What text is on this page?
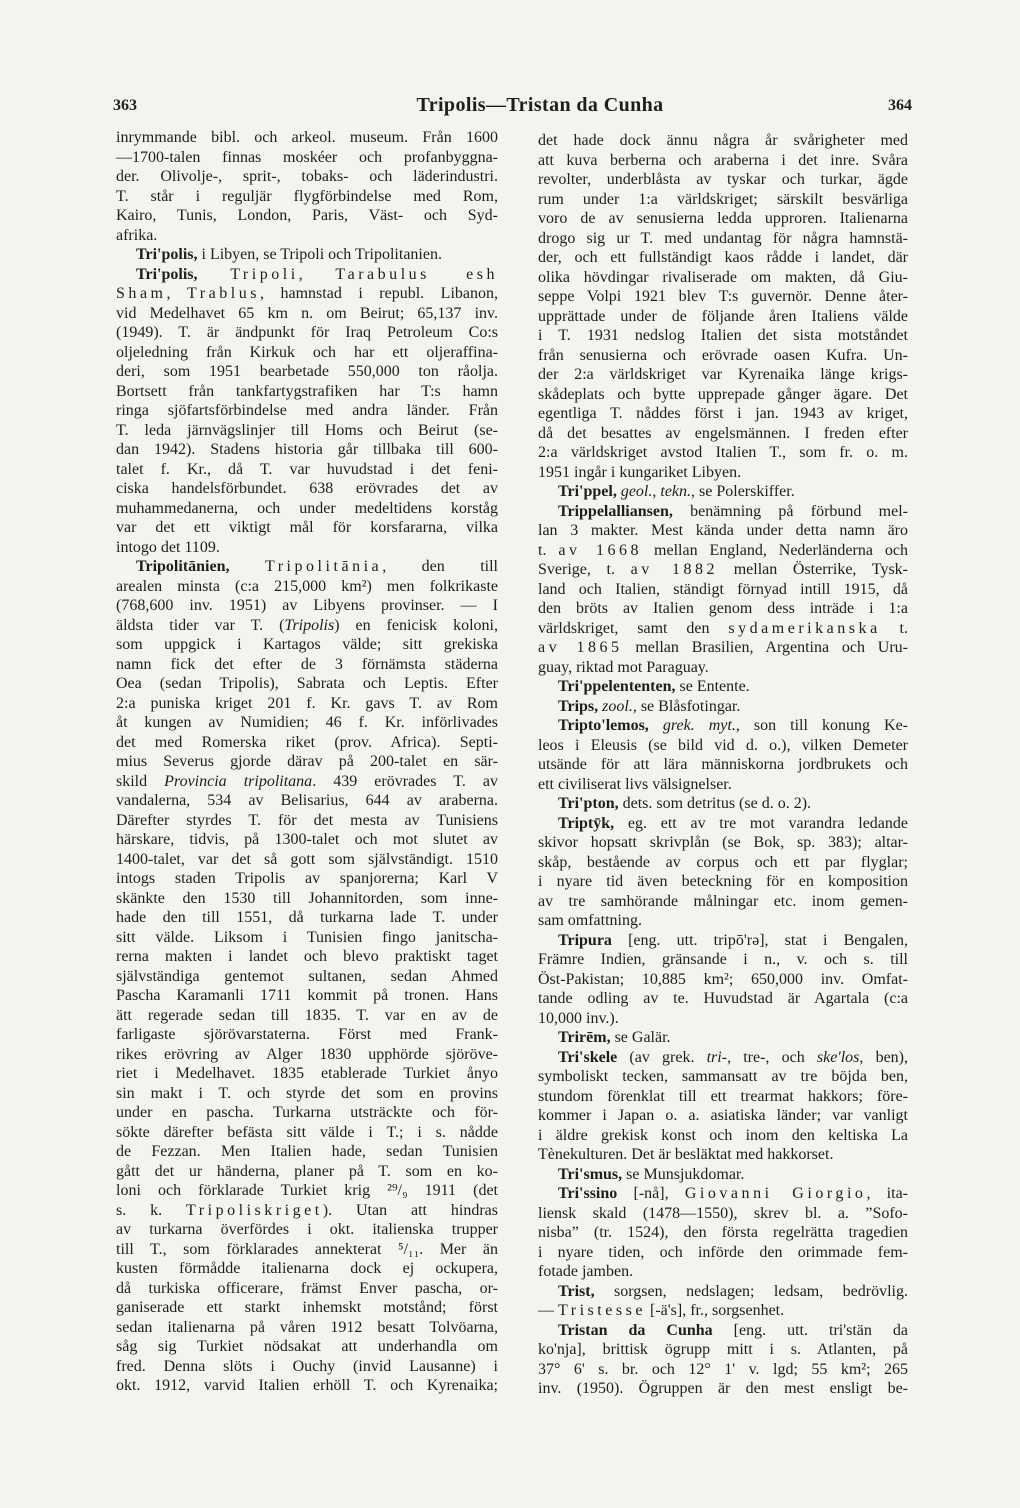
363	Tripolis—Tristan da Cunha	364
inrymmande bibl. och arkeol. museum. Från 1600
—1700-talen finnas moskéer och profanbyggna-
der. Olivolje-, sprit-, tobaks- och läderindustri.
T. står i reguljär flygförbindelse med Rom,
Kairo, Tunis, London, Paris, Väst- och Syd-
afrika.
Tri'polis, i Libyen, se Tripoli och Tripolitanien.
Tri'polis, Tripoli, Tarabulus esh
Sham, Trablus, hamnstad i republ. Libanon,
vid Medelhavet 65 km n. om Beirut; 65,137 inv.
(1949). T. är ändpunkt för Iraq Petroleum Co:s
oljeledning från Kirkuk och har ett oljeraffina-
deri, som 1951 bearbetade 550,000 ton råolja.
Bortsett från tankfartygstrafiken har T:s hamn
ringa sjöfartsförbindelse med andra länder. Från
T. leda järnvägslinjer till Homs och Beirut (se-
dan 1942). Stadens historia går tillbaka till 600-
talet f. Kr., då T. var huvudstad i det feni-
ciska handelsförbundet. 638 erövrades det av
muhammedanerna, och under medeltidens korståg
var det ett viktigt mål för korsfararna, vilka
intogo det 1109.
Tripolitānien, Tripolitānia, den till
arealen minsta (c:a 215,000 km²) men folkrikaste
(768,600 inv. 1951) av Libyens provinser. — I
äldsta tider var T. (Tripolis) en fenicisk koloni,
som uppgick i Kartagos välde; sitt grekiska
namn fick det efter de 3 förnämsta städerna
Oea (sedan Tripolis), Sabrata och Leptis. Efter
2:a puniska kriget 201 f. Kr. gavs T. av Rom
åt kungen av Numidien; 46 f. Kr. införlivades
det med Romerska riket (prov. Africa). Septi-
mius Severus gjorde därav på 200-talet en sär-
skild Provincia tripolitana. 439 erövrades T. av
vandalerna, 534 av Belisarius, 644 av araberna.
Därefter styrdes T. för det mesta av Tunisiens
härskare, tidvis, på 1300-talet och mot slutet av
1400-talet, var det så gott som självständigt. 1510
intogs staden Tripolis av spanjorerna; Karl V
skänkte den 1530 till Johannitorden, som inne-
hade den till 1551, då turkarna lade T. under
sitt välde. Liksom i Tunisien fingo janitscha-
rerna makten i landet och blevo praktiskt taget
självständiga gentemot sultanen, sedan Ahmed
Pascha Karamanli 1711 kommit på tronen. Hans
ätt regerade sedan till 1835. T. var en av de
farligaste sjörövarstaterna. Först med Frank-
rikes erövring av Alger 1830 upphörde sjöröve-
riet i Medelhavet. 1835 etablerade Turkiet ånyo
sin makt i T. och styrde det som en provins
under en pascha. Turkarna utsträckte och för-
sökte därefter befästa sitt välde i T.; i s. nådde
de Fezzan. Men Italien hade, sedan Tunisien
gått det ur händerna, planer på T. som en ko-
loni och förklarade Turkiet krig ²⁹/₉ 1911 (det
s. k. Tripoliskriget). Utan att hindras
av turkarna överfördes i okt. italienska trupper
till T., som förklarades annekterat ⁵/₁₁. Mer än
kusten förmådde italienarna dock ej ockupera,
då turkiska officerare, främst Enver pascha, or-
ganiserade ett starkt inhemskt motstånd; först
sedan italienarna på våren 1912 besatt Tolvöarna,
såg sig Turkiet nödsakat att underhandla om
fred. Denna slöts i Ouchy (invid Lausanne) i
okt. 1912, varvid Italien erhöll T. och Kyrenaika;
det hade dock ännu några år svårigheter med
att kuva berberna och araberna i det inre. Svåra
revolter, underblåsta av tyskar och turkar, ägde
rum under 1:a världskriget; särskilt besvärliga
voro de av senusierna ledda upproren. Italienarna
drogo sig ur T. med undantag för några hamnstä-
der, och ett fullständigt kaos rådde i landet, där
olika hövdingar rivaliserade om makten, då Giu-
seppe Volpi 1921 blev T:s guvernör. Denne åter-
upprättade under de följande åren Italiens välde
i T. 1931 nedslog Italien det sista motståndet
från senusierna och erövrade oasen Kufra. Un-
der 2:a världskriget var Kyrenaika länge krigs-
skådeplats och bytte upprepade gånger ägare. Det
egentliga T. nåddes först i jan. 1943 av kriget,
då det besattes av engelsmännen. I freden efter
2:a världskriget avstod Italien T., som fr. o. m.
1951 ingår i kungariket Libyen.
Tri'ppel, geol., tekn., se Polerskiffer.
Trippelalliansen, benämning på förbund mel-
lan 3 makter. Mest kända under detta namn äro
t. av 1668 mellan England, Nederländerna och
Sverige, t. av 1882 mellan Österrike, Tysk-
land och Italien, ständigt förnyad intill 1915, då
den bröts av Italien genom dess inträde i 1:a
världskriget, samt den sydamerikanska t.
av 1865 mellan Brasilien, Argentina och Uru-
guay, riktad mot Paraguay.
Tri'ppelententen, se Entente.
Trips, zool., se Blåsfotingar.
Tripto'lemos, grek. myt., son till konung Ke-
leos i Eleusis (se bild vid d. o.), vilken Demeter
utsände för att lära människorna jordbrukets och
ett civiliserat livs välsignelser.
Tri'pton, dets. som detritus (se d. o. 2).
Triptȳk, eg. ett av tre mot varandra ledande
skivor hopsatt skrivplån (se Bok, sp. 383); altar-
skåp, bestående av corpus och ett par flyglar;
i nyare tid även beteckning för en komposition
av tre samhörande målningar etc. inom gemen-
sam omfattning.
Tripura [eng. utt. tripō'rə], stat i Bengalen,
Främre Indien, gränsande i n., v. och s. till
Öst-Pakistan; 10,885 km²; 650,000 inv. Omfat-
tande odling av te. Huvudstad är Agartala (c:a
10,000 inv.).
Trirēm, se Galär.
Tri'skele (av grek. tri-, tre-, och ske'los, ben),
symboliskt tecken, sammansatt av tre böjda ben,
stundom förenklat till ett trearmat hakkors; före-
kommer i Japan o. a. asiatiska länder; var vanligt
i äldre grekisk konst och inom den keltiska La
Tènekulturen. Det är besläktat med hakkorset.
Tri'smus, se Munsjukdomar.
Tri'ssino [-nå], Giovanni Giorgio, ita-
liensk skald (1478—1550), skrev bl. a. ”Sofo-
nisba” (tr. 1524), den första regelrätta tragedien
i nyare tiden, och införde den orimmade fem-
fotade jamben.
Trist, sorgsen, nedslagen; ledsam, bedrövlig.
— Tristesse [-ä's], fr., sorgsenhet.
Tristan da Cunha [eng. utt. tri'stän da
ko'nja], brittisk ögrupp mitt i s. Atlanten, på
37° 6' s. br. och 12° 1' v. lgd; 55 km²; 265
inv. (1950). Ögruppen är den mest ensligt be-
